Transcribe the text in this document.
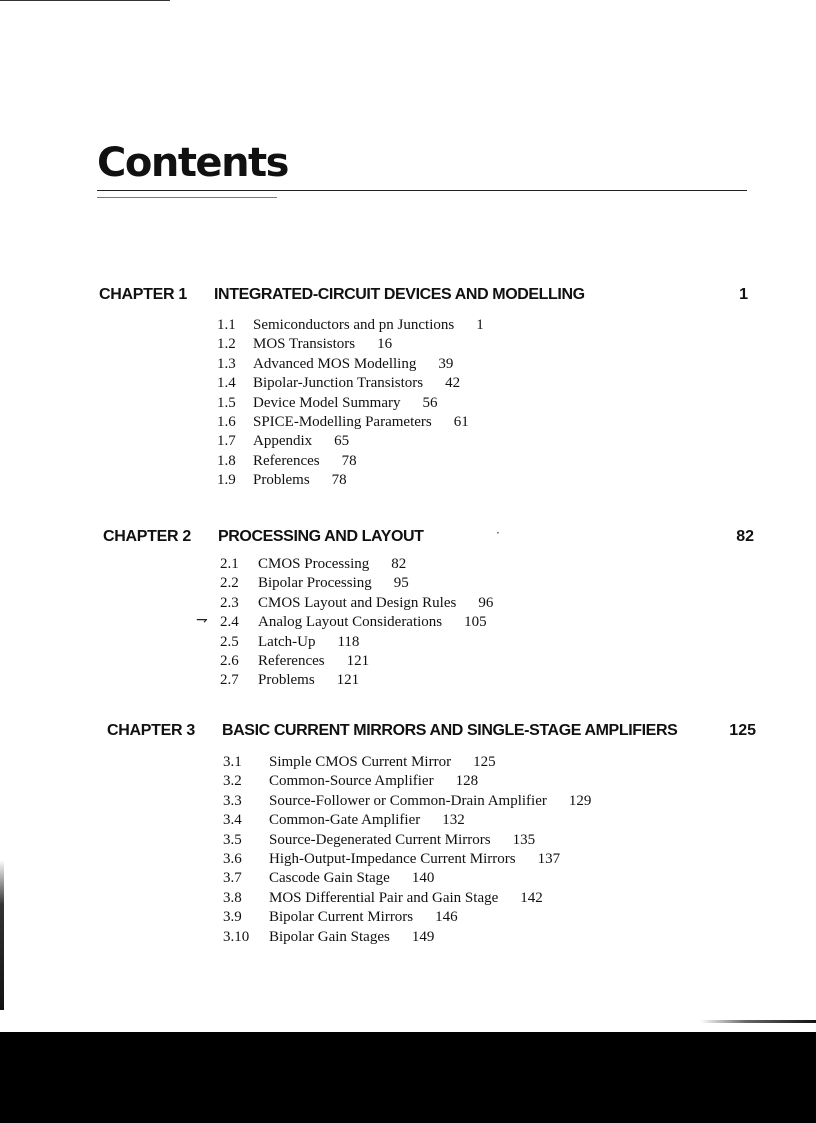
Contents
CHAPTER 1 INTEGRATED-CIRCUIT DEVICES AND MODELLING	1
1.1 Semiconductors and pn Junctions 1
1.2 MOS Transistors 16
1.3 Advanced MOS Modelling 39
1.4 Bipolar-Junction Transistors 42
1.5 Device Model Summary 56
1.6 SPICE-Modelling Parameters 61
1.7 Appendix 65
1.8 References 78
1.9 Problems 78
CHAPTER 2 PROCESSING AND LAYOUT	82
2.1 CMOS Processing 82
2.2 Bipolar Processing 95
2.3 CMOS Layout and Design Rules 96
2.4 Analog Layout Considerations 105
2.5 Latch-Up 118
2.6 References 121
2.7 Problems 121
CHAPTER 3 BASIC CURRENT MIRRORS AND SINGLE-STAGE AMPLIFIERS	125
3.1 Simple CMOS Current Mirror 125
3.2 Common-Source Amplifier 128
3.3 Source-Follower or Common-Drain Amplifier 129
3.4 Common-Gate Amplifier 132
3.5 Source-Degenerated Current Mirrors 135
3.6 High-Output-Impedance Current Mirrors 137
3.7 Cascode Gain Stage 140
3.8 MOS Differential Pair and Gain Stage 142
3.9 Bipolar Current Mirrors 146
3.10 Bipolar Gain Stages 149
⇁
·
